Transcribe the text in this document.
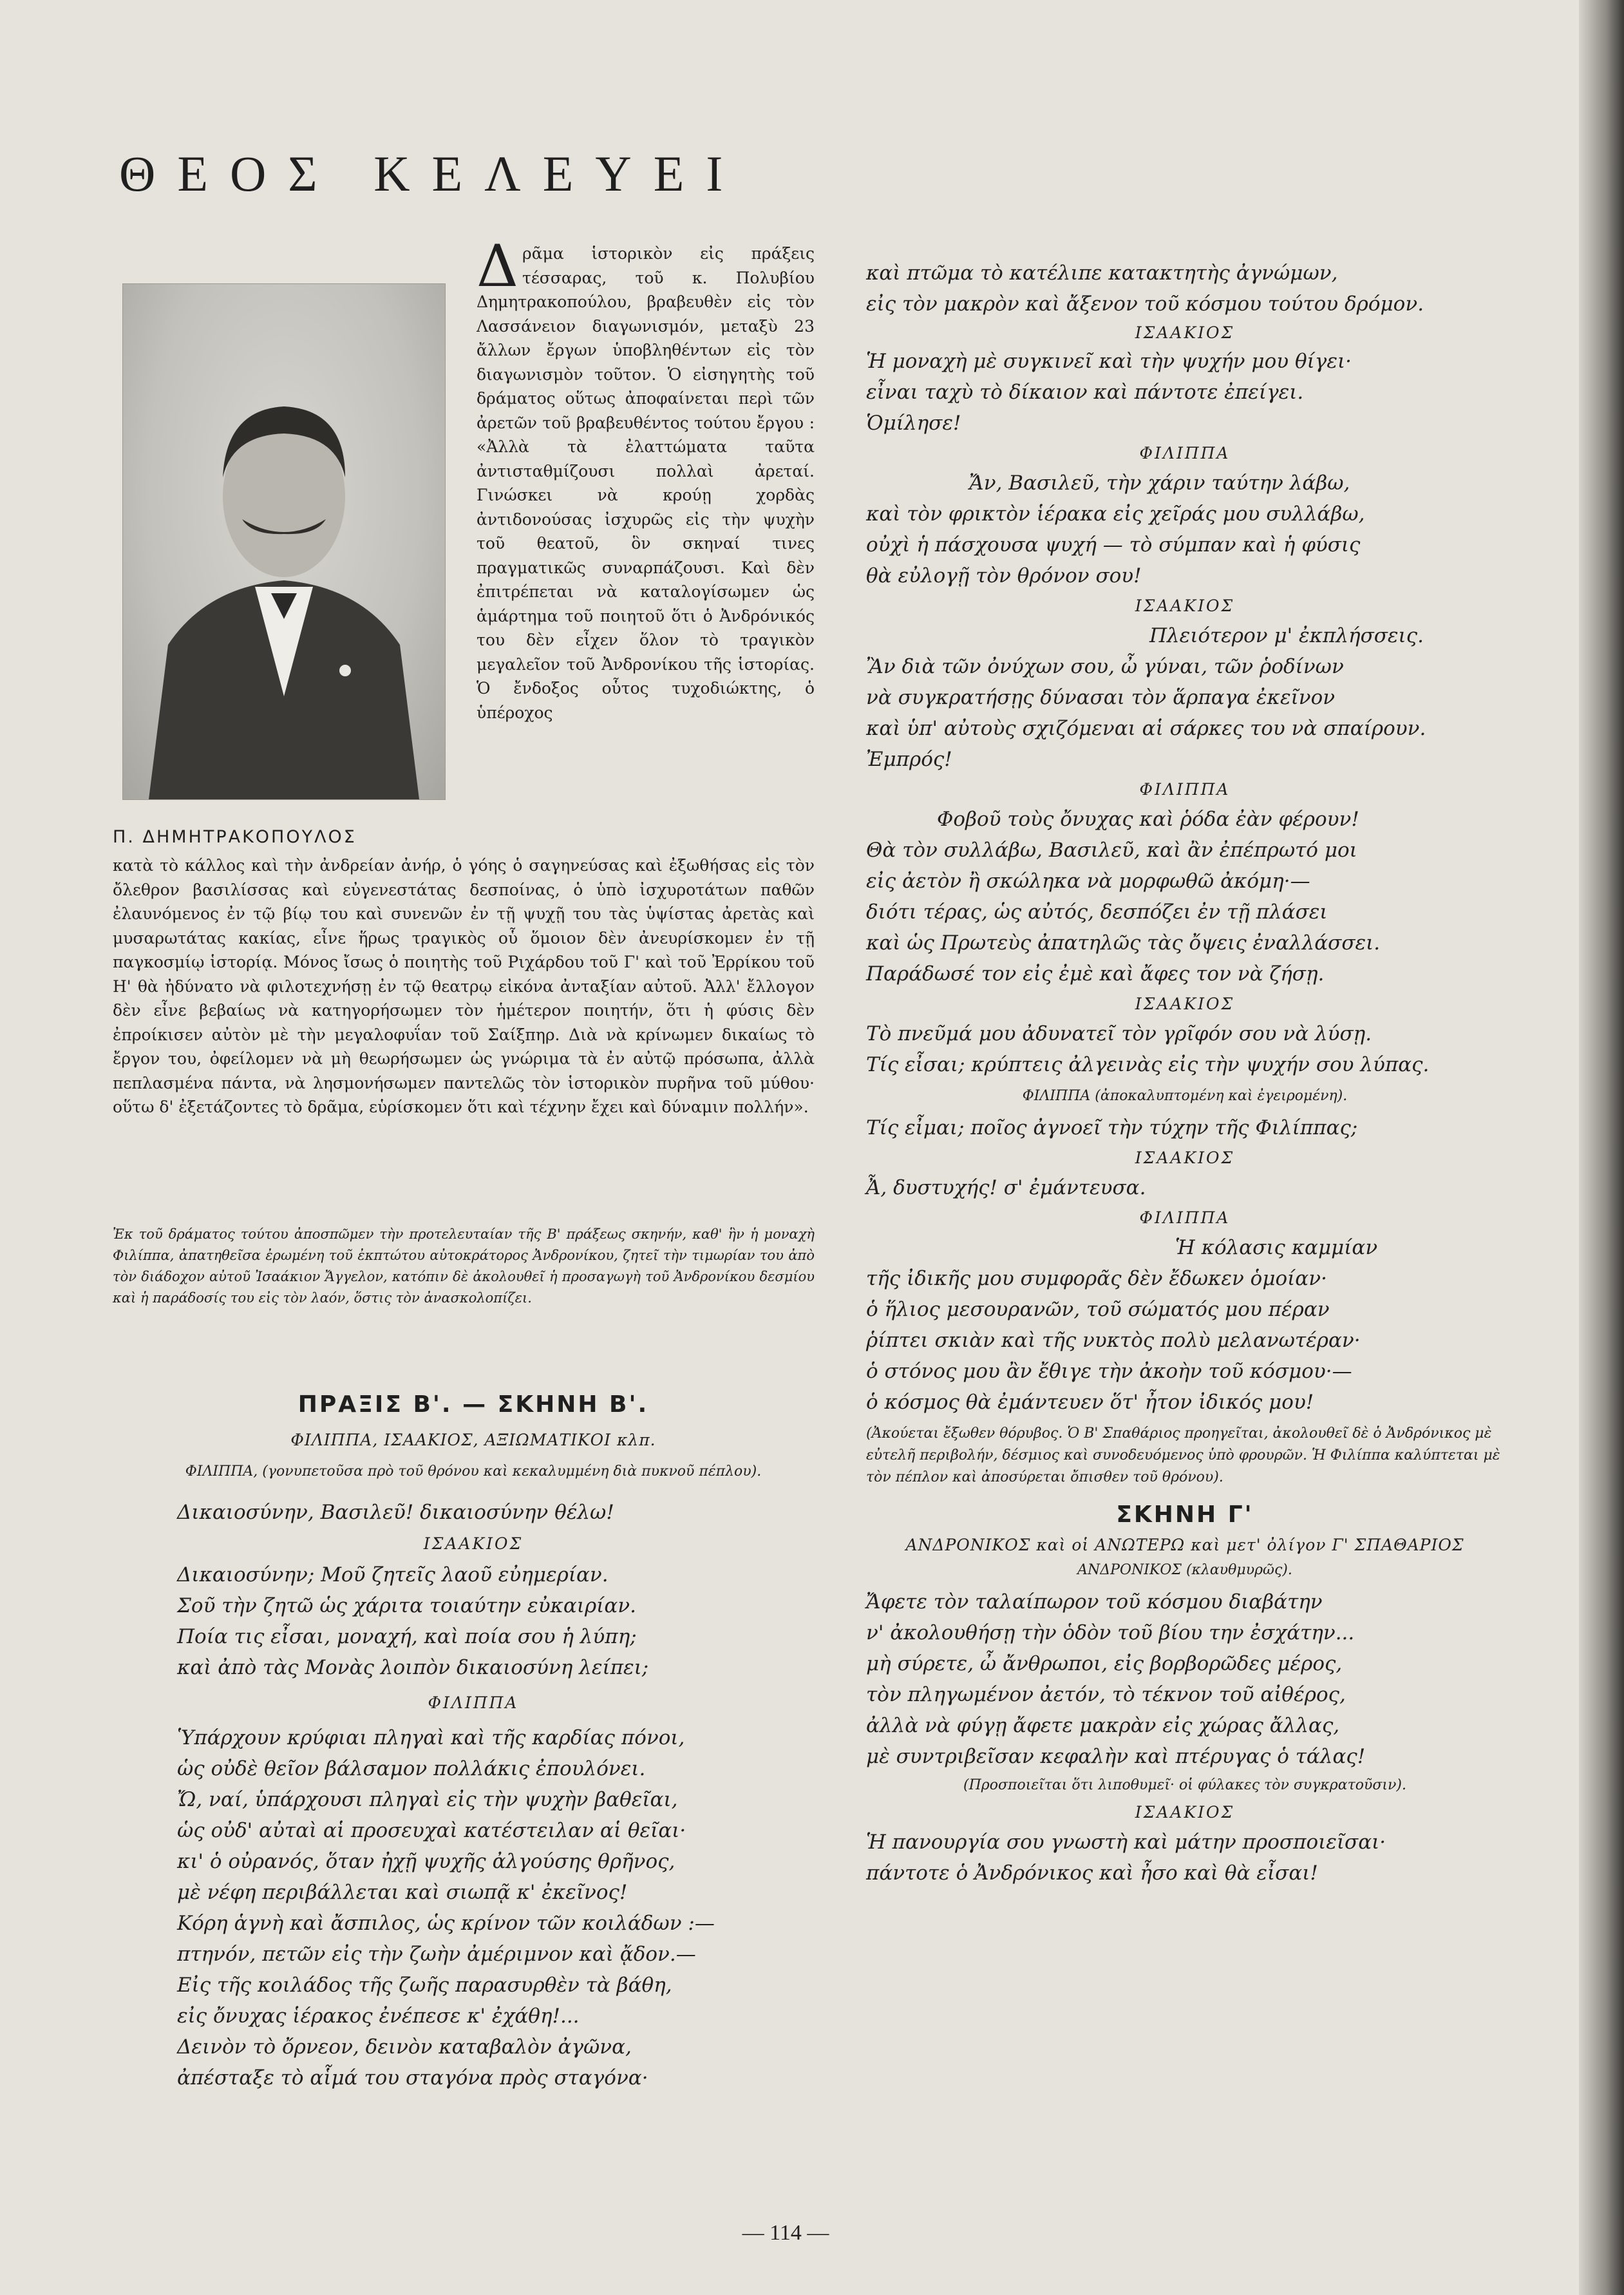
ΘΕΟΣ ΚΕΛΕΥΕΙ
Π. ΔΗΜΗΤΡΑΚΟΠΟΥΛΟΣ

Δ ρᾶμα ἱστορικὸν εἰς πράξεις τέσσαρας, τοῦ κ. Πολυβίου Δημητρακοπούλου, βραβευθὲν εἰς τὸν Λασσάνειον διαγωνισμόν, μεταξὺ 23 ἄλλων ἔργων ὑποβληθέντων εἰς τὸν διαγωνισμὸν τοῦτον. Ὁ εἰσηγητὴς τοῦ δράματος οὕτως ἀποφαίνεται περὶ τῶν ἀρετῶν τοῦ βραβευθέντος τούτου ἔργου : «Ἀλλὰ τὰ ἐλαττώματα ταῦτα ἀντισταθμίζουσι πολλαὶ ἀρεταί. Γινώσκει νὰ κρούῃ χορδὰς ἀντιδονούσας ἰσχυρῶς εἰς τὴν ψυχὴν τοῦ θεατοῦ, ὃν σκηναί τινες πραγματικῶς συναρπάζουσι. Καὶ δὲν ἐπιτρέπεται νὰ καταλογίσωμεν ὡς ἁμάρτημα τοῦ ποιητοῦ ὅτι ὁ Ἀνδρόνικός του δὲν εἶχεν ὅλον τὸ τραγικὸν μεγαλεῖον τοῦ Ἀνδρονίκου τῆς ἱστορίας. Ὁ ἔνδοξος οὗτος τυχοδιώκτης, ὁ ὑπέροχος

κατὰ τὸ κάλλος καὶ τὴν ἀνδρείαν ἀνήρ, ὁ γόης ὁ σαγηνεύσας καὶ ἐξωθήσας εἰς τὸν ὄλεθρον βασιλίσσας καὶ εὐγενεστάτας δεσποίνας, ὁ ὑπὸ ἰσχυροτάτων παθῶν ἐλαυνόμενος ἐν τῷ βίῳ του καὶ συνενῶν ἐν τῇ ψυχῇ του τὰς ὑψίστας ἀρετὰς καὶ μυσαρωτάτας κακίας, εἶνε ἥρως τραγικὸς οὗ ὅμοιον δὲν ἀνευρίσκομεν ἐν τῇ παγκοσμίῳ ἱστορίᾳ. Μόνος ἴσως ὁ ποιητὴς τοῦ Ριχάρδου τοῦ Γ' καὶ τοῦ Ἐρρίκου τοῦ Η' θὰ ἠδύνατο νὰ φιλοτεχνήσῃ ἐν τῷ θεατρῳ εἰκόνα ἀνταξίαν αὐτοῦ. Ἀλλ' ἔλλογον δὲν εἶνε βεβαίως νὰ κατηγορήσωμεν τὸν ἡμέτερον ποιητήν, ὅτι ἡ φύσις δὲν ἐπροίκισεν αὐτὸν μὲ τὴν μεγαλοφυΐαν τοῦ Σαίξπηρ. Διὰ νὰ κρίνωμεν δικαίως τὸ ἔργον του, ὀφείλομεν νὰ μὴ θεωρήσωμεν ὡς γνώριμα τὰ ἐν αὐτῷ πρόσωπα, ἀλλὰ πεπλασμένα πάντα, νὰ λησμονήσωμεν παντελῶς τὸν ἱστορικὸν πυρῆνα τοῦ μύθου· οὕτω δ' ἐξετάζοντες τὸ δρᾶμα, εὑρίσκομεν ὅτι καὶ τέχνην ἔχει καὶ δύναμιν πολλήν».

Ἐκ τοῦ δράματος τούτου ἀποσπῶμεν τὴν προτελευταίαν τῆς Β' πράξεως σκηνήν, καθ' ἣν ἡ μοναχὴ Φιλίππα, ἀπατηθεῖσα ἐρωμένη τοῦ ἐκπτώτου αὐτοκράτορος Ἀνδρονίκου, ζητεῖ τὴν τιμωρίαν του ἀπὸ τὸν διάδοχον αὐτοῦ Ἰσαάκιον Ἄγγελον, κατόπιν δὲ ἀκολουθεῖ ἡ προσαγωγὴ τοῦ Ἀνδρονίκου δεσμίου καὶ ἡ παράδοσίς του εἰς τὸν λαόν, ὅστις τὸν ἀνασκολοπίζει.

ΠΡΑΞΙΣ Β'. — ΣΚΗΝΗ Β'.

ΦΙΛΙΠΠΑ, ΙΣΑΑΚΙΟΣ, ΑΞΙΩΜΑΤΙΚΟΙ κλπ.

ΦΙΛΙΠΠΑ, (γονυπετοῦσα πρὸ τοῦ θρόνου καὶ κεκαλυμμένη διὰ πυκνοῦ πέπλου).

Δικαιοσύνην, Βασιλεῦ! δικαιοσύνην θέλω!

ΙΣΑΑΚΙΟΣ

Δικαιοσύνην; Μοῦ ζητεῖς λαοῦ εὐημερίαν.

Σοῦ τὴν ζητῶ ὡς χάριτα τοιαύτην εὐκαιρίαν.

Ποία τις εἶσαι, μοναχή, καὶ ποία σου ἡ λύπη;

καὶ ἀπὸ τὰς Μονὰς λοιπὸν δικαιοσύνη λείπει;

ΦΙΛΙΠΠΑ

Ὑπάρχουν κρύφιαι πληγαὶ καὶ τῆς καρδίας πόνοι,

ὡς οὐδὲ θεῖον βάλσαμον πολλάκις ἐπουλόνει.

Ὤ, ναί, ὑπάρχουσι πληγαὶ εἰς τὴν ψυχὴν βαθεῖαι,

ὡς οὐδ' αὐταὶ αἱ προσευχαὶ κατέστειλαν αἱ θεῖαι·

κι' ὁ οὐρανός, ὅταν ἠχῇ ψυχῆς ἀλγούσης θρῆνος,

μὲ νέφη περιβάλλεται καὶ σιωπᾷ κ' ἐκεῖνος!

Κόρη ἁγνὴ καὶ ἄσπιλος, ὡς κρίνον τῶν κοιλάδων :—

πτηνόν, πετῶν εἰς τὴν ζωὴν ἀμέριμνον καὶ ᾄδον.—

Εἰς τῆς κοιλάδος τῆς ζωῆς παρασυρθὲν τὰ βάθη,

εἰς ὄνυχας ἱέρακος ἐνέπεσε κ' ἐχάθη!...

Δεινὸν τὸ ὄρνεον, δεινὸν καταβαλὸν ἀγῶνα,

ἀπέσταξε τὸ αἷμά του σταγόνα πρὸς σταγόνα·

καὶ πτῶμα τὸ κατέλιπε κατακτητὴς ἀγνώμων,

εἰς τὸν μακρὸν καὶ ἄξενον τοῦ κόσμου τούτου δρόμον.

ΙΣΑΑΚΙΟΣ

Ἡ μοναχὴ μὲ συγκινεῖ καὶ τὴν ψυχήν μου θίγει·

εἶναι ταχὺ τὸ δίκαιον καὶ πάντοτε ἐπείγει.

Ὁμίλησε!

ΦΙΛΙΠΠΑ

Ἄν, Βασιλεῦ, τὴν χάριν ταύτην λάβω,

καὶ τὸν φρικτὸν ἱέρακα εἰς χεῖράς μου συλλάβω,

οὐχὶ ἡ πάσχουσα ψυχή — τὸ σύμπαν καὶ ἡ φύσις

θὰ εὐλογῇ τὸν θρόνον σου!

ΙΣΑΑΚΙΟΣ

Πλειότερον μ' ἐκπλήσσεις.

Ἂν διὰ τῶν ὀνύχων σου, ὦ γύναι, τῶν ῥοδίνων

νὰ συγκρατήσῃς δύνασαι τὸν ἅρπαγα ἐκεῖνον

καὶ ὑπ' αὐτοὺς σχιζόμεναι αἱ σάρκες του νὰ σπαίρουν.

Ἐμπρός!

ΦΙΛΙΠΠΑ

Φοβοῦ τοὺς ὄνυχας καὶ ῥόδα ἐὰν φέρουν!

Θὰ τὸν συλλάβω, Βασιλεῦ, καὶ ἂν ἐπέπρωτό μοι

εἰς ἀετὸν ἢ σκώληκα νὰ μορφωθῶ ἀκόμη·—

διότι τέρας, ὡς αὐτός, δεσπόζει ἐν τῇ πλάσει

καὶ ὡς Πρωτεὺς ἀπατηλῶς τὰς ὄψεις ἐναλλάσσει.

Παράδωσέ τον εἰς ἐμὲ καὶ ἄφες τον νὰ ζήσῃ.

ΙΣΑΑΚΙΟΣ

Τὸ πνεῦμά μου ἀδυνατεῖ τὸν γρῖφόν σου νὰ λύσῃ.

Τίς εἶσαι; κρύπτεις ἀλγεινὰς εἰς τὴν ψυχήν σου λύπας.

ΦΙΛΙΠΠΑ (ἀποκαλυπτομένη καὶ ἐγειρομένη).

Τίς εἶμαι; ποῖος ἀγνοεῖ τὴν τύχην τῆς Φιλίππας;

ΙΣΑΑΚΙΟΣ

Ἆ, δυστυχής! σ' ἐμάντευσα.

ΦΙΛΙΠΠΑ

Ἡ κόλασις καμμίαν

τῆς ἰδικῆς μου συμφορᾶς δὲν ἔδωκεν ὁμοίαν·

ὁ ἥλιος μεσουρανῶν, τοῦ σώματός μου πέραν

ῥίπτει σκιὰν καὶ τῆς νυκτὸς πολὺ μελανωτέραν·

ὁ στόνος μου ἂν ἔθιγε τὴν ἀκοὴν τοῦ κόσμου·—

ὁ κόσμος θὰ ἐμάντευεν ὅτ' ἦτον ἰδικός μου!

(Ἀκούεται ἔξωθεν θόρυβος. Ὁ Β' Σπαθάριος προηγεῖται, ἀκολουθεῖ δὲ ὁ Ἀνδρόνικος μὲ εὐτελῆ περιβολήν, δέσμιος καὶ συνοδευόμενος ὑπὸ φρουρῶν. Ἡ Φιλίππα καλύπτεται μὲ τὸν πέπλον καὶ ἀποσύρεται ὄπισθεν τοῦ θρόνου).

ΣΚΗΝΗ Γ'

ΑΝΔΡΟΝΙΚΟΣ καὶ οἱ ΑΝΩΤΕΡΩ καὶ μετ' ὀλίγον Γ' ΣΠΑΘΑΡΙΟΣ

ΑΝΔΡΟΝΙΚΟΣ (κλαυθμυρῶς).

Ἄφετε τὸν ταλαίπωρον τοῦ κόσμου διαβάτην

ν' ἀκολουθήσῃ τὴν ὁδὸν τοῦ βίου την ἐσχάτην...

μὴ σύρετε, ὦ ἄνθρωποι, εἰς βορβορῶδες μέρος,

τὸν πληγωμένον ἀετόν, τὸ τέκνον τοῦ αἰθέρος,

ἀλλὰ νὰ φύγῃ ἄφετε μακρὰν εἰς χώρας ἄλλας,

μὲ συντριβεῖσαν κεφαλὴν καὶ πτέρυγας ὁ τάλας!

(Προσποιεῖται ὅτι λιποθυμεῖ· οἱ φύλακες τὸν συγκρατοῦσιν).

ΙΣΑΑΚΙΟΣ

Ἡ πανουργία σου γνωστὴ καὶ μάτην προσποιεῖσαι·

πάντοτε ὁ Ἀνδρόνικος καὶ ἦσο καὶ θὰ εἶσαι!

— 114 —
